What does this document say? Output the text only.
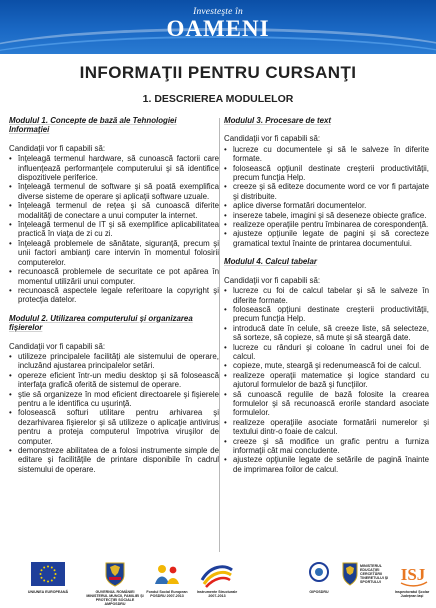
Investeşte în
OAMENI
INFORMAŢII PENTRU CURSANŢI
1. DESCRIEREA MODULELOR

Modulul 1. Concepte de bază ale Tehnologiei Informaţiei

Candidaţii vor fi capabili să:

• înţeleagă termenul hardware, să cunoască factorii care influenţează performanţele computerului şi să identifice dispozitivele periferice.
• înţeleagă termenul de software şi să poată exemplifica diverse sisteme de operare şi aplicaţii software uzuale.
• înţeleagă termenul de reţea şi să cunoască diferite modalităţi de conectare a unui computer la internet.
• înţeleagă termenul de IT şi să exemplifice aplicabilitatea practică în viaţa de zi cu zi.
• înţeleagă problemele de sănătate, siguranţă, precum şi unii factori ambianţi care intervin în momentul folosirii computerelor.
• recunoască problemele de securitate ce pot apărea în momentul utilizării unui computer.
• recunoască aspectele legale referitoare la copyright şi protecţia datelor.

Modulul 2. Utilizarea computerului şi organizarea fişierelor

Candidaţii vor fi capabili să:

• utilizeze principalele facilităţi ale sistemului de operare, incluzând ajustarea principalelor setări.
• opereze eficient într-un mediu desktop şi să folosească interfaţa grafică oferită de sistemul de operare.
• ştie să organizeze în mod eficient directoarele şi fişierele pentru a le identifica cu uşurinţă.
• folosească softuri utilitare pentru arhivarea şi dezarhivarea fişierelor şi să utilizeze o aplicaţie antivirus pentru a proteja computerul împotriva viruşilor de computer.
• demonstreze abilitatea de a folosi instrumente simple de editare şi facilităţile de printare disponibile în cadrul sistemului de operare.

Modulul 3. Procesare de text

Candidaţii vor fi capabili să:

• lucreze cu documentele şi să le salveze în diferite formate.
• folosească opţiunil destinate creşterii productivităţii, precum funcţia Help.
• creeze şi să editeze documente word ce vor fi partajate şi distribuite.
• aplice diverse formatări documentelor.
• insereze tabele, imagini şi să deseneze obiecte grafice.
• realizeze operaţiile pentru îmbinarea de corespondenţă.
• ajusteze opţiunile legate de pagini şi să corecteze gramatical textul înainte de printarea documentului.

Modulul 4. Calcul tabelar

Candidaţii vor fi capabili să:

• lucreze cu foi de calcul tabelar şi să le salveze în diferite formate.
• folosească opţiuni destinate creşterii productivităţii, precum funcţia Help.
• introducă date în celule, să creeze liste, să selecteze, să sorteze, să copieze, să mute şi să steargă date.
• lucreze cu rânduri şi coloane în cadrul unei foi de calcul.
• copieze, mute, steargă şi redenumească foi de calcul.
• realizeze operaţii matematice şi logice standard cu ajutorul formulelor de bază şi funcţiilor.
• să cunoască regulile de bază folosite la crearea formulelor şi să recunoască erorile standard asociate formulelor.
• realizeze operaţiile asociate formatării numerelor şi textului dintr-o foaie de calcul.
• creeze şi să modifice un grafic pentru a furniza informaţii cât mai concludente.
• ajusteze opţiunile legate de setările de pagină înainte de imprimarea foilor de calcul.
UNIUNEA EUROPEANĂ	GUVERNUL ROMÂNIEI MINISTERUL MUNCII, FAMILIEI ŞI PROTECŢIEI SOCIALE AMPOSDRU
Fondul Social European POSDRU 2007-2013
Instrumente Structurale 2007-2013
OIPOSDRU
MINISTERUL EDUCAŢIEI CERCETĂRII TINERETULUI ŞI SPORTULUI	ISJ
Inspectoratul Şcolar Judeţean Iaşi
